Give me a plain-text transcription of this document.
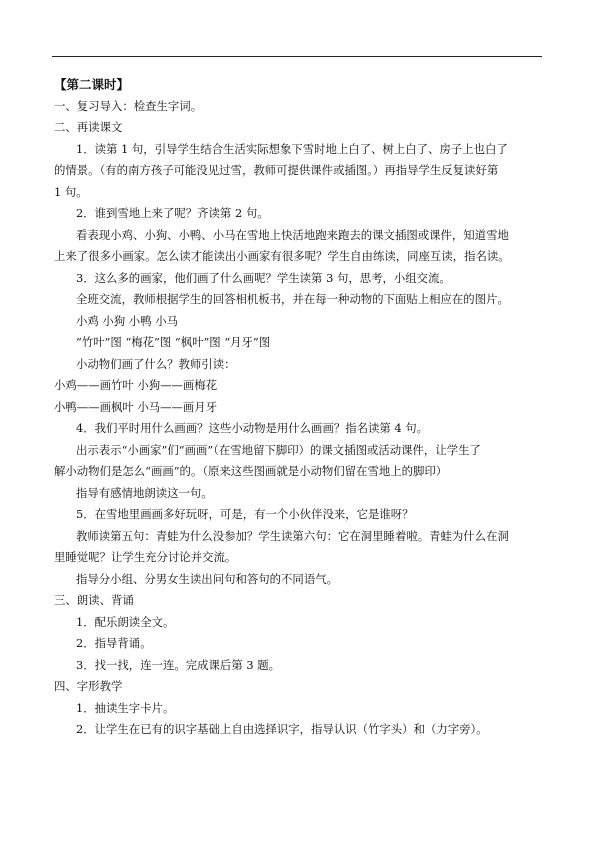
【第二课时】
一、复习导入：检查生字词。
二、再读课文
1．读第 1 句，引导学生结合生活实际想象下雪时地上白了、树上白了、房子上也白了
的情景。（有的南方孩子可能没见过雪，教师可提供课件或插图。）再指导学生反复读好第
1 句。
2．谁到雪地上来了呢？齐读第 2 句。
看表现小鸡、小狗、小鸭、小马在雪地上快活地跑来跑去的课文插图或课件，知道雪地
上来了很多小画家。怎么读才能读出小画家有很多呢？学生自由练读，同座互读，指名读。
3．这么多的画家，他们画了什么画呢？学生读第 3 句，思考，小组交流。
全班交流，教师根据学生的回答相机板书，并在每一种动物的下面贴上相应在的图片。
小鸡 小狗 小鸭 小马
“竹叶”图 “梅花”图 “枫叶”图 “月牙”图
小动物们画了什么？教师引读：
小鸡——画竹叶 小狗——画梅花
小鸭——画枫叶 小马——画月牙
4．我们平时用什么画画？这些小动物是用什么画画？指名读第 4 句。
出示表示“小画家”们“画画”（在雪地留下脚印）的课文插图或活动课件，让学生了
解小动物们是怎么“画画”的。（原来这些图画就是小动物们留在雪地上的脚印）
指导有感情地朗读这一句。
5．在雪地里画画多好玩呀，可是，有一个小伙伴没来，它是谁呀？
教师读第五句：青蛙为什么没参加？学生读第六句：它在洞里睡着啦。青蛙为什么在洞
里睡觉呢？让学生充分讨论并交流。
指导分小组、分男女生读出问句和答句的不同语气。
三、朗读、背诵
1．配乐朗读全文。
2．指导背诵。
3．找一找，连一连。完成课后第 3 题。
四、字形教学
1．抽读生字卡片。
2．让学生在已有的识字基础上自由选择识字，指导认识（竹字头）和（力字旁）。
